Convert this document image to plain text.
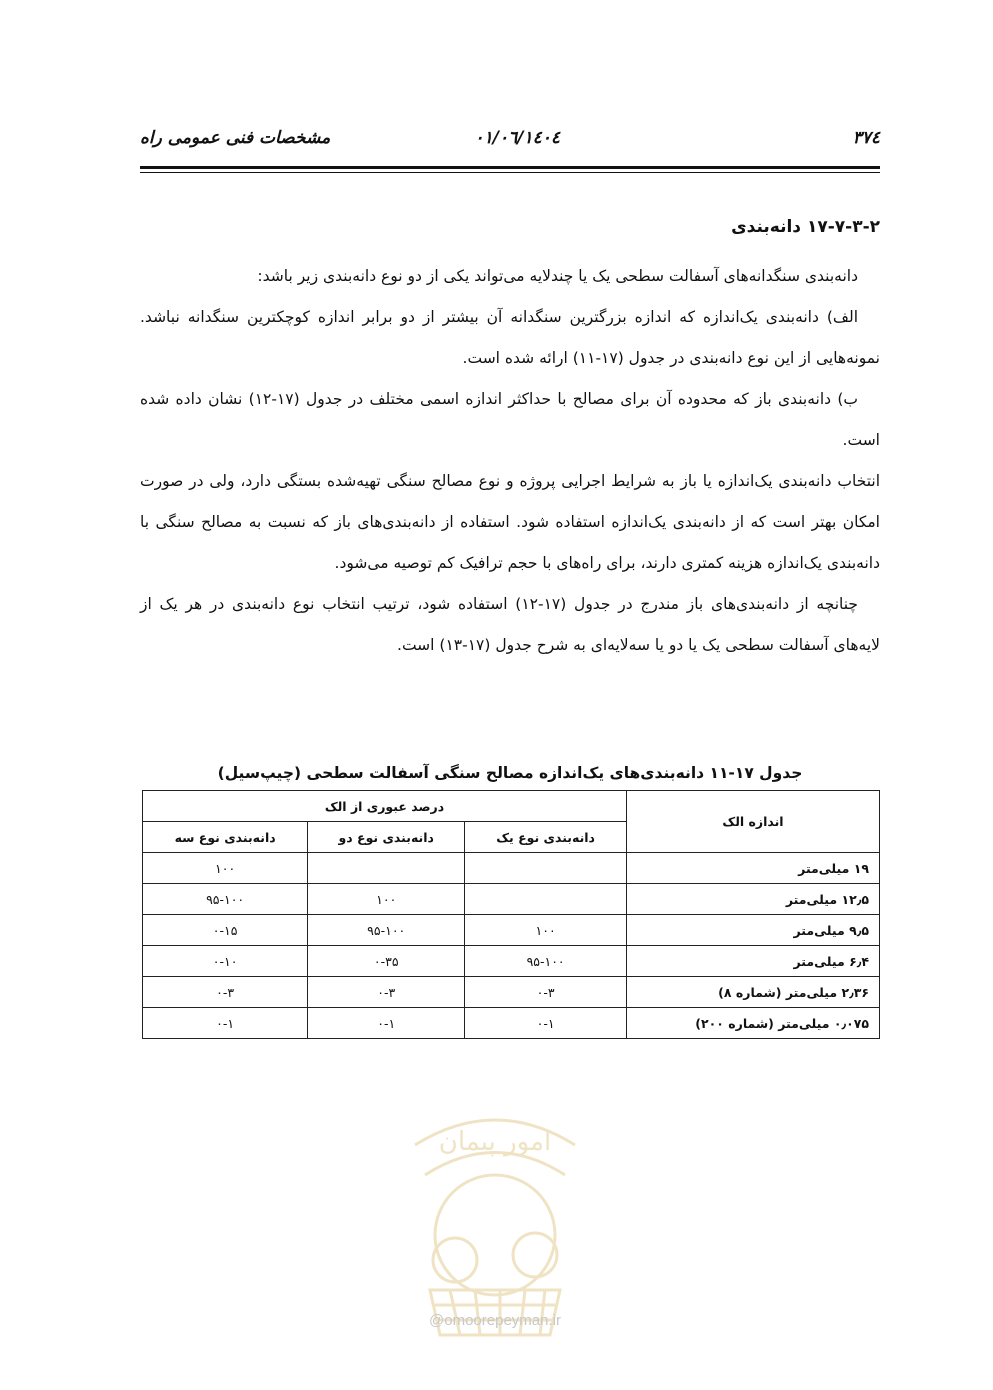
۳۷٤
۱٤۰٤/۰٦/۰۱
مشخصات فنی عمومی راه
۱۷-۷-۳-۲ دانه‌بندی

دانه‌بندی سنگدانه‌های آسفالت سطحی یک یا چندلایه می‌تواند یکی از دو نوع دانه‌بندی زیر باشد:

الف) دانه‌بندی یک‌اندازه که اندازه بزرگترین سنگدانه آن بیشتر از دو برابر اندازه کوچکترین سنگدانه نباشد. نمونه‌هایی از این نوع دانه‌بندی در جدول (۱۷-۱۱) ارائه شده است.

ب) دانه‌بندی باز که محدوده آن برای مصالح با حداکثر اندازه اسمی مختلف در جدول (۱۷-۱۲) نشان داده شده است.

انتخاب دانه‌بندی یک‌اندازه یا باز به شرایط اجرایی پروژه و نوع مصالح سنگی تهیه‌شده بستگی دارد، ولی در صورت امکان بهتر است که از دانه‌بندی یک‌اندازه استفاده شود. استفاده از دانه‌بندی‌های باز که نسبت به مصالح سنگی با دانه‌بندی یک‌اندازه هزینه کمتری دارند، برای راه‌های با حجم ترافیک کم توصیه می‌شود.

چنانچه از دانه‌بندی‌های باز مندرج در جدول (۱۷-۱۲) استفاده شود، ترتیب انتخاب نوع دانه‌بندی در هر یک از لایه‌های آسفالت سطحی یک یا دو یا سه‌لایه‌ای به شرح جدول (۱۷-۱۳) است.

جدول ۱۷-۱۱ دانه‌بندی‌های یک‌اندازه مصالح سنگی آسفالت سطحی (چیپ‌سیل)
اندازه الک	درصد عبوری از الک		
	دانه‌بندی نوع یک	دانه‌بندی نوع دو	دانه‌بندی نوع سه
۱۹ میلی‌متر			۱۰۰
۱۲٫۵ میلی‌متر		۱۰۰	۹۵-۱۰۰
۹٫۵ میلی‌متر	۱۰۰	۹۵-۱۰۰	۰-۱۵
۶٫۴ میلی‌متر	۹۵-۱۰۰	۰-۳۵	۰-۱۰
۲٫۳۶ میلی‌متر (شماره ۸)	۰-۳	۰-۳	۰-۳
۰٫۰۷۵ میلی‌متر (شماره ۲۰۰)	۰-۱	۰-۱	۰-۱
امور پیمان
@omoorepeyman.ir
